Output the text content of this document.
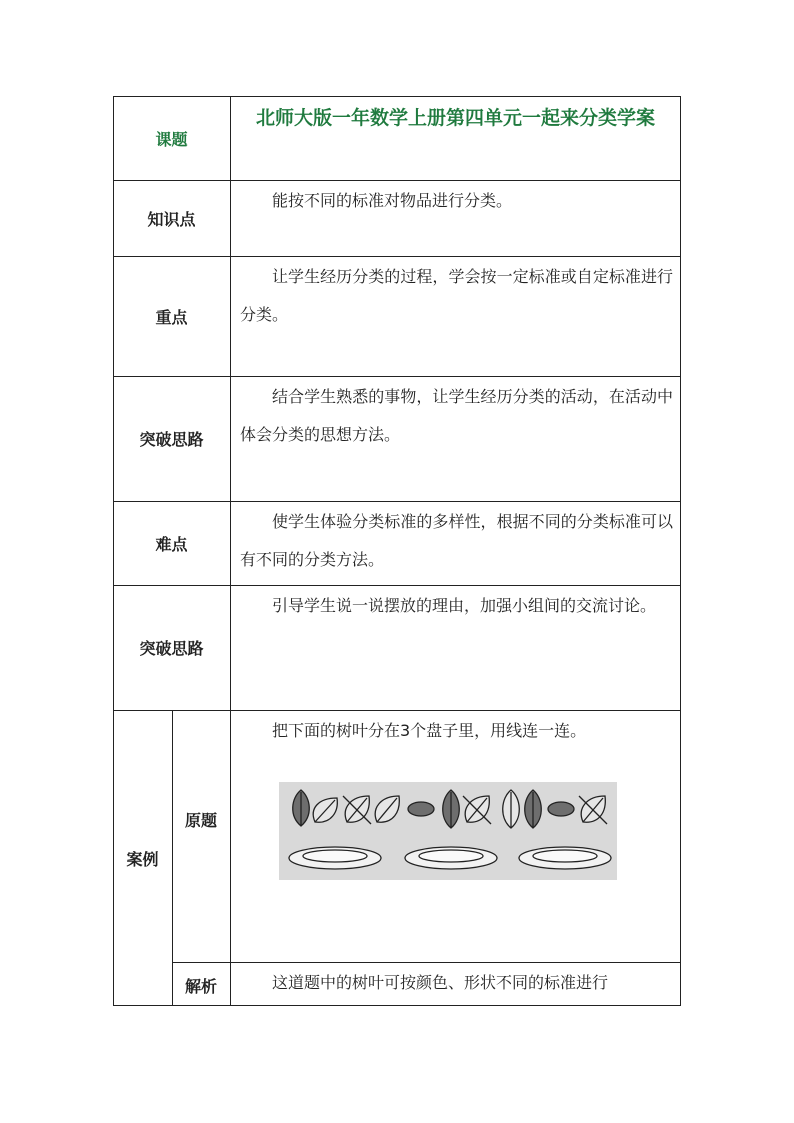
课题
北师大版一年数学上册第四单元一起来分类学案
知识点
能按不同的标准对物品进行分类。
重点
让学生经历分类的过程，学会按一定标准或自定标准进行分类。
突破思路
结合学生熟悉的事物，让学生经历分类的活动，在活动中体会分类的思想方法。
难点
使学生体验分类标准的多样性，根据不同的分类标准可以有不同的分类方法。
突破思路
引导学生说一说摆放的理由，加强小组间的交流讨论。
案例
原题
把下面的树叶分在3个盘子里，用线连一连。
解析	这道题中的树叶可按颜色、形状不同的标准进行
